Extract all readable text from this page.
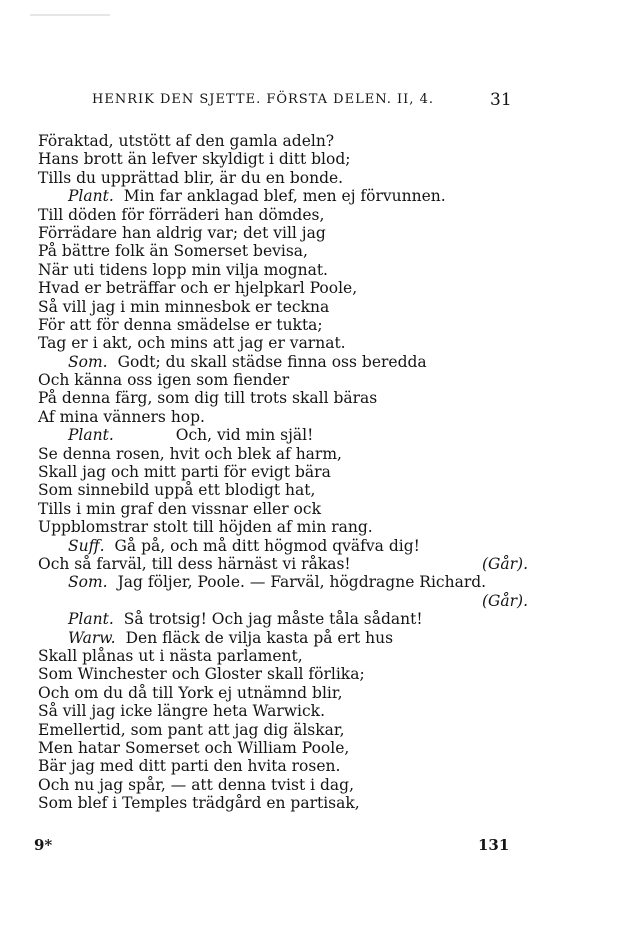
HENRIK DEN SJETTE. FÖRSTA DELEN. II, 4.	31
Föraktad, utstött af den gamla adeln?
Hans brott än lefver skyldigt i ditt blod;
Tills du upprättad blir, är du en bonde.
Plant. Min far anklagad blef, men ej förvunnen.
Till döden för förräderi han dömdes,
Förrädare han aldrig var; det vill jag
På bättre folk än Somerset bevisa,
När uti tidens lopp min vilja mognat.
Hvad er beträffar och er hjelpkarl Poole,
Så vill jag i min minnesbok er teckna
För att för denna smädelse er tukta;
Tag er i akt, och mins att jag er varnat.
Som. Godt; du skall städse finna oss beredda
Och känna oss igen som fiender
På denna färg, som dig till trots skall bäras
Af mina vänners hop.
Plant.	Och, vid min själ!
Se denna rosen, hvit och blek af harm,
Skall jag och mitt parti för evigt bära
Som sinnebild uppå ett blodigt hat,
Tills i min graf den vissnar eller ock
Uppblomstrar stolt till höjden af min rang.
Suff. Gå på, och må ditt högmod qväfva dig!
Och så farväl, till dess härnäst vi råkas!	(Går).
Som. Jag följer, Poole. — Farväl, högdragne Richard.
(Går).
Plant. Så trotsig! Och jag måste tåla sådant!
Warw. Den fläck de vilja kasta på ert hus
Skall plånas ut i nästa parlament,
Som Winchester och Gloster skall förlika;
Och om du då till York ej utnämnd blir,
Så vill jag icke längre heta Warwick.
Emellertid, som pant att jag dig älskar,
Men hatar Somerset och William Poole,
Bär jag med ditt parti den hvita rosen.
Och nu jag spår, — att denna tvist i dag,
Som blef i Temples trädgård en partisak,
9*	131
